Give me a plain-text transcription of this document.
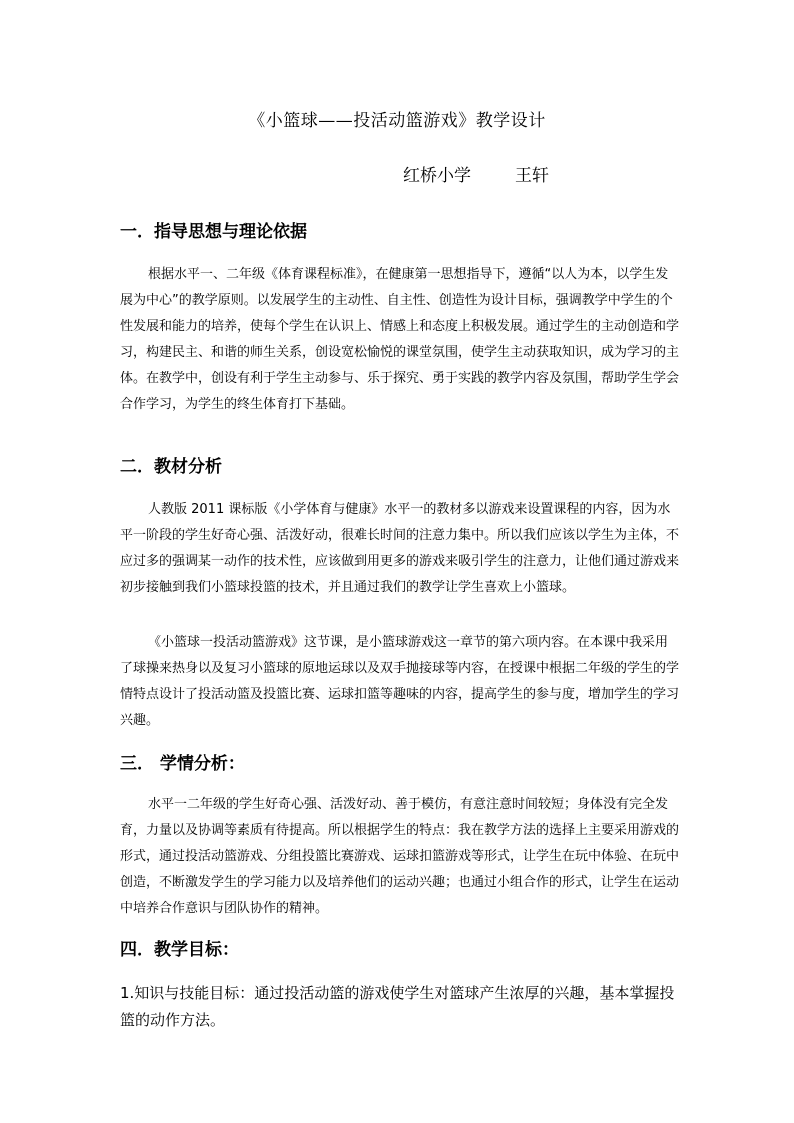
《小篮球——投活动篮游戏》教学设计
红桥小学	王轩
一．指导思想与理论依据

根据水平一、二年级《体育课程标准》，在健康第一思想指导下，遵循“以人为本，以学生发展为中心”的教学原则。以发展学生的主动性、自主性、创造性为设计目标，强调教学中学生的个性发展和能力的培养，使每个学生在认识上、情感上和态度上积极发展。通过学生的主动创造和学习，构建民主、和谐的师生关系，创设宽松愉悦的课堂氛围，使学生主动获取知识，成为学习的主体。在教学中，创设有利于学生主动参与、乐于探究、勇于实践的教学内容及氛围，帮助学生学会合作学习，为学生的终生体育打下基础。

二．教材分析

人教版 2011 课标版《小学体育与健康》水平一的教材多以游戏来设置课程的内容，因为水平一阶段的学生好奇心强、活泼好动，很难长时间的注意力集中。所以我们应该以学生为主体，不应过多的强调某一动作的技术性，应该做到用更多的游戏来吸引学生的注意力，让他们通过游戏来初步接触到我们小篮球投篮的技术，并且通过我们的教学让学生喜欢上小篮球。

《小篮球一投活动篮游戏》这节课，是小篮球游戏这一章节的第六项内容。在本课中我采用了球操来热身以及复习小篮球的原地运球以及双手抛接球等内容，在授课中根据二年级的学生的学情特点设计了投活动篮及投篮比赛、运球扣篮等趣味的内容，提高学生的参与度，增加学生的学习兴趣。

三． 学情分析：

水平一二年级的学生好奇心强、活泼好动、善于模仿，有意注意时间较短；身体没有完全发育，力量以及协调等素质有待提高。所以根据学生的特点：我在教学方法的选择上主要采用游戏的形式，通过投活动篮游戏、分组投篮比赛游戏、运球扣篮游戏等形式，让学生在玩中体验、在玩中创造，不断激发学生的学习能力以及培养他们的运动兴趣；也通过小组合作的形式，让学生在运动中培养合作意识与团队协作的精神。

四．教学目标：

1.知识与技能目标：通过投活动篮的游戏使学生对篮球产生浓厚的兴趣，基本掌握投篮的动作方法。
